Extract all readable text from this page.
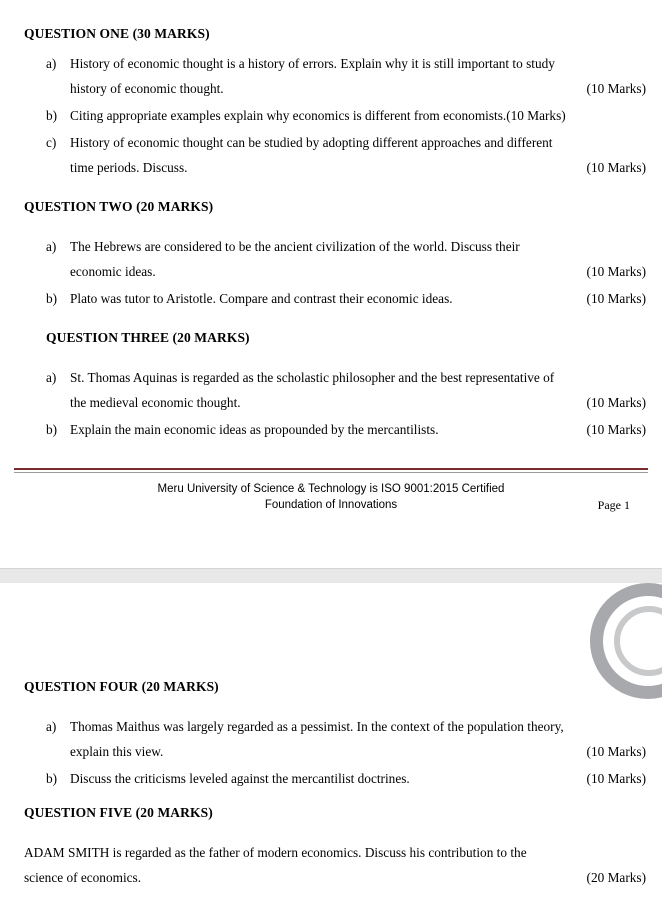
QUESTION ONE (30 MARKS)
a)	History of economic thought is a history of errors. Explain why it is still important to study
history of economic thought.	(10 Marks)
b) Citing appropriate examples explain why economics is different from economists.(10 Marks)
c)	History of economic thought can be studied by adopting different approaches and different
time periods. Discuss.	(10 Marks)
QUESTION TWO (20 MARKS)
a)	The Hebrews are considered to be the ancient civilization of the world. Discuss their
economic ideas.	(10 Marks)
b) Plato was tutor to Aristotle. Compare and contrast their economic ideas.	(10 Marks)
QUESTION THREE (20 MARKS)
a)	St. Thomas Aquinas is regarded as the scholastic philosopher and the best representative of
the medieval economic thought.	(10 Marks)
b) Explain the main economic ideas as propounded by the mercantilists.	(10 Marks)
Meru University of Science & Technology is ISO 9001:2015 Certified
Foundation of Innovations	Page 1
QUESTION FOUR (20 MARKS)
a)	Thomas Maithus was largely regarded as a pessimist. In the context of the population theory,
explain this view.	(10 Marks)
b) Discuss the criticisms leveled against the mercantilist doctrines.	(10 Marks)
QUESTION FIVE (20 MARKS)
ADAM SMITH is regarded as the father of modern economics. Discuss his contribution to the
science of economics.	(20 Marks)
